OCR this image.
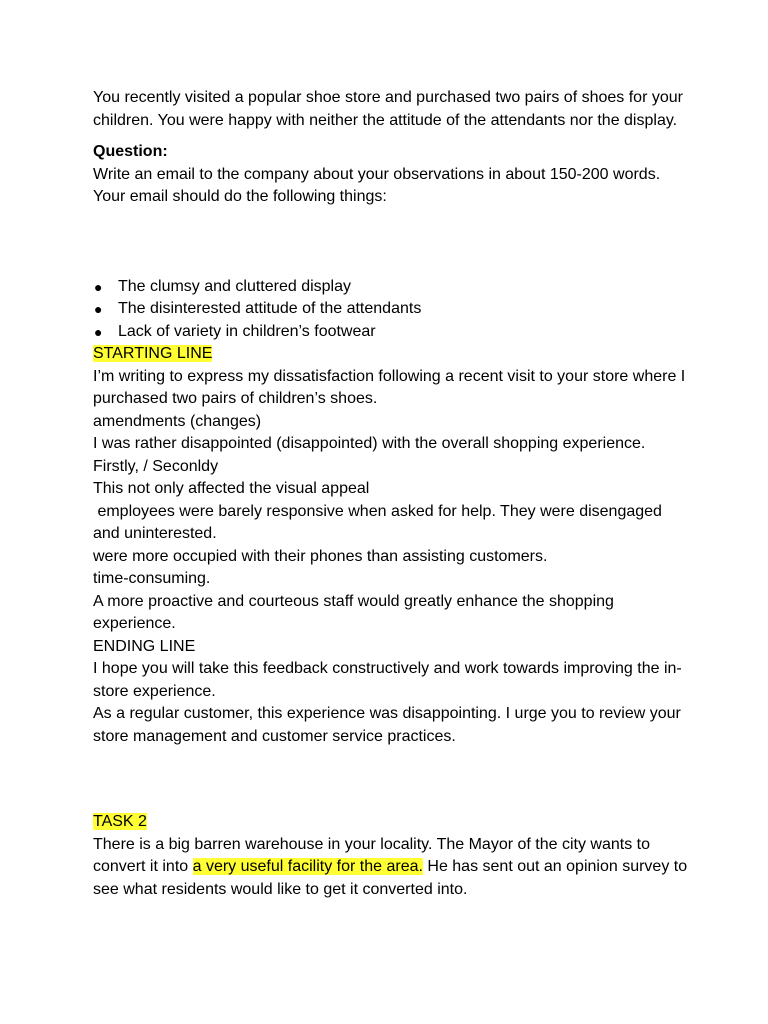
You recently visited a popular shoe store and purchased two pairs of shoes for your children. You were happy with neither the attitude of the attendants nor the display.

Question:

Write an email to the company about your observations in about 150-200 words. Your email should do the following things:

● The clumsy and cluttered display
● The disinterested attitude of the attendants
● Lack of variety in children’s footwear

STARTING LINE

I’m writing to express my dissatisfaction following a recent visit to your store where I purchased two pairs of children’s shoes.

amendments (changes)

I was rather disappointed (disappointed) with the overall shopping experience.

Firstly, / Seconldy

This not only affected the visual appeal

employees were barely responsive when asked for help. They were disengaged and uninterested.

were more occupied with their phones than assisting customers.

time-consuming.

A more proactive and courteous staff would greatly enhance the shopping experience.

ENDING LINE

I hope you will take this feedback constructively and work towards improving the in-store experience.

As a regular customer, this experience was disappointing. I urge you to review your store management and customer service practices.

TASK 2

There is a big barren warehouse in your locality. The Mayor of the city wants to convert it into a very useful facility for the area. He has sent out an opinion survey to see what residents would like to get it converted into.
